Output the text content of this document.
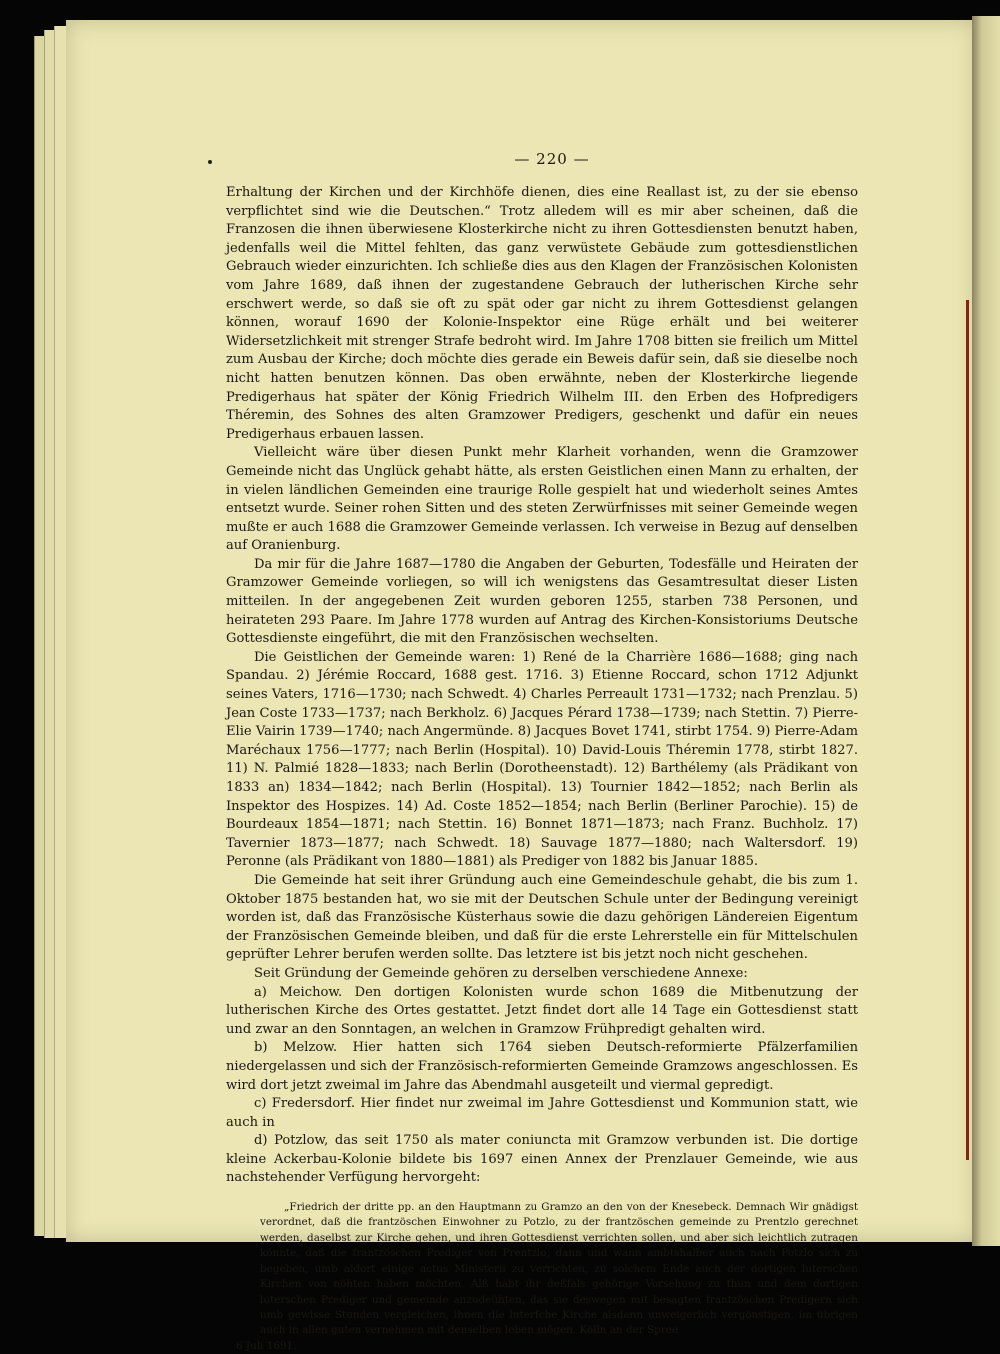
— 220 —

Erhaltung der Kirchen und der Kirchhöfe dienen, dies eine Reallast ist, zu der sie ebenso verpflichtet sind wie die Deutschen.“ Trotz alledem will es mir aber scheinen, daß die Franzosen die ihnen überwiesene Klosterkirche nicht zu ihren Gottesdiensten benutzt haben, jedenfalls weil die Mittel fehlten, das ganz verwüstete Gebäude zum gottesdienstlichen Gebrauch wieder einzurichten. Ich schließe dies aus den Klagen der Französischen Kolonisten vom Jahre 1689, daß ihnen der zugestandene Gebrauch der lutherischen Kirche sehr erschwert werde, so daß sie oft zu spät oder gar nicht zu ihrem Gottesdienst gelangen können, worauf 1690 der Kolonie-Inspektor eine Rüge erhält und bei weiterer Widersetzlichkeit mit strenger Strafe bedroht wird. Im Jahre 1708 bitten sie freilich um Mittel zum Ausbau der Kirche; doch möchte dies gerade ein Beweis dafür sein, daß sie dieselbe noch nicht hatten benutzen können. Das oben erwähnte, neben der Klosterkirche liegende Predigerhaus hat später der König Friedrich Wilhelm III. den Erben des Hofpredigers Théremin, des Sohnes des alten Gramzower Predigers, geschenkt und dafür ein neues Predigerhaus erbauen lassen.

Vielleicht wäre über diesen Punkt mehr Klarheit vorhanden, wenn die Gramzower Gemeinde nicht das Unglück gehabt hätte, als ersten Geistlichen einen Mann zu erhalten, der in vielen ländlichen Gemeinden eine traurige Rolle gespielt hat und wiederholt seines Amtes entsetzt wurde. Seiner rohen Sitten und des steten Zerwürfnisses mit seiner Gemeinde wegen mußte er auch 1688 die Gramzower Gemeinde verlassen. Ich verweise in Bezug auf denselben auf Oranienburg.

Da mir für die Jahre 1687—1780 die Angaben der Geburten, Todesfälle und Heiraten der Gramzower Gemeinde vorliegen, so will ich wenigstens das Gesamtresultat dieser Listen mitteilen. In der angegebenen Zeit wurden geboren 1255, starben 738 Personen, und heirateten 293 Paare. Im Jahre 1778 wurden auf Antrag des Kirchen-Konsistoriums Deutsche Gottesdienste eingeführt, die mit den Französischen wechselten.

Die Geistlichen der Gemeinde waren: 1) René de la Charrière 1686—1688; ging nach Spandau. 2) Jérémie Roccard, 1688 gest. 1716. 3) Etienne Roccard, schon 1712 Adjunkt seines Vaters, 1716—1730; nach Schwedt. 4) Charles Perreault 1731—1732; nach Prenzlau. 5) Jean Coste 1733—1737; nach Berkholz. 6) Jacques Pérard 1738—1739; nach Stettin. 7) Pierre-Elie Vairin 1739—1740; nach Angermünde. 8) Jacques Bovet 1741, stirbt 1754. 9) Pierre-Adam Maréchaux 1756—1777; nach Berlin (Hospital). 10) David-Louis Théremin 1778, stirbt 1827. 11) N. Palmié 1828—1833; nach Berlin (Dorotheenstadt). 12) Barthélemy (als Prädikant von 1833 an) 1834—1842; nach Berlin (Hospital). 13) Tournier 1842—1852; nach Berlin als Inspektor des Hospizes. 14) Ad. Coste 1852—1854; nach Berlin (Berliner Parochie). 15) de Bourdeaux 1854—1871; nach Stettin. 16) Bonnet 1871—1873; nach Franz. Buchholz. 17) Tavernier 1873—1877; nach Schwedt. 18) Sauvage 1877—1880; nach Waltersdorf. 19) Peronne (als Prädikant von 1880—1881) als Prediger von 1882 bis Januar 1885.

Die Gemeinde hat seit ihrer Gründung auch eine Gemeindeschule gehabt, die bis zum 1. Oktober 1875 bestanden hat, wo sie mit der Deutschen Schule unter der Bedingung vereinigt worden ist, daß das Französische Küsterhaus sowie die dazu gehörigen Ländereien Eigentum der Französischen Gemeinde bleiben, und daß für die erste Lehrerstelle ein für Mittelschulen geprüfter Lehrer berufen werden sollte. Das letztere ist bis jetzt noch nicht geschehen.

Seit Gründung der Gemeinde gehören zu derselben verschiedene Annexe:

a) Meichow. Den dortigen Kolonisten wurde schon 1689 die Mitbenutzung der lutherischen Kirche des Ortes gestattet. Jetzt findet dort alle 14 Tage ein Gottesdienst statt und zwar an den Sonntagen, an welchen in Gramzow Frühpredigt gehalten wird.

b) Melzow. Hier hatten sich 1764 sieben Deutsch-reformierte Pfälzerfamilien niedergelassen und sich der Französisch-reformierten Gemeinde Gramzows angeschlossen. Es wird dort jetzt zweimal im Jahre das Abendmahl ausgeteilt und viermal gepredigt.

c) Fredersdorf. Hier findet nur zweimal im Jahre Gottesdienst und Kommunion statt, wie auch in

d) Potzlow, das seit 1750 als mater coniuncta mit Gramzow verbunden ist. Die dortige kleine Ackerbau-Kolonie bildete bis 1697 einen Annex der Prenzlauer Gemeinde, wie aus nachstehender Verfügung hervorgeht:

„Friedrich der dritte pp. an den Hauptmann zu Gramzo an den von der Knesebeck. Demnach Wir gnädigst verordnet, daß die frantzöschen Einwohner zu Potzlo, zu der frantzöschen gemeinde zu Prentzlo gerechnet werden, daselbst zur Kirche gehen, und ihren Gottesdienst verrichten sollen, und aber sich leichtlich zutragen könnte, daß die frantzöschen Prediger von Prentzlo, dann und wann ambtshalber auch nach Potzlo sich zu begeben, umb aldort einige actus Ministerii zu verrichten, zu solchem Ende auch der dortigen luterschen Kirchen von nöhten haben möchten. Alß habt ihr deßfals gehörige Vorsehung zu thun und dem dortigen luterschen Prediger und gemeinde anzudeühten, das sie deswegen mit besagten frantzöschen Predigern sich umb gewisse Stunden vergleichen, ihnen die luterſche Kirche alsdann unweigerlich vergönstigen, im übrigen auch in allen guten vernehmen mit denselben leben mögen. Kölln an der Spree
6 Juli 1691.
